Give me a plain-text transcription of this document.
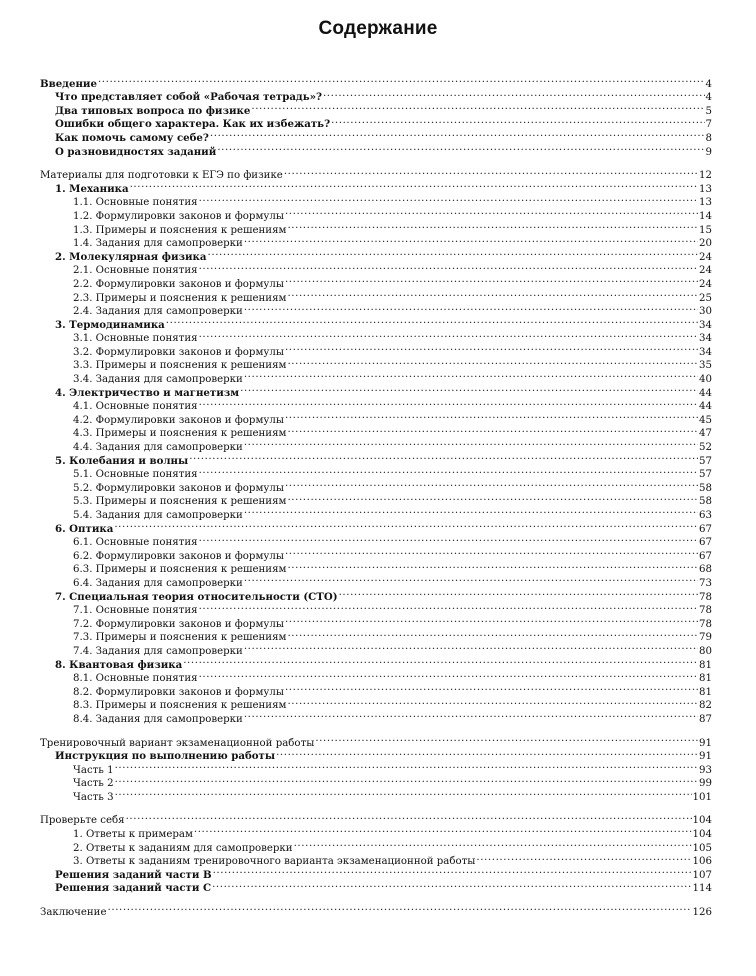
Содержание
Введение .....	4
Что представляет собой «Рабочая тетрадь»? .....	4
Два типовых вопроса по физике .....	5
Ошибки общего характера. Как их избежать? .....	7
Как помочь самому себе? .....	8
О разновидностях заданий .....	9
Материалы для подготовки к ЕГЭ по физике .....	12
1. Механика .....	13
1.1. Основные понятия .....	13
1.2. Формулировки законов и формулы .....	14
1.3. Примеры и пояснения к решениям .....	15
1.4. Задания для самопроверки .....	20
2. Молекулярная физика .....	24
2.1. Основные понятия .....	24
2.2. Формулировки законов и формулы .....	24
2.3. Примеры и пояснения к решениям .....	25
2.4. Задания для самопроверки .....	30
3. Термодинамика .....	34
3.1. Основные понятия .....	34
3.2. Формулировки законов и формулы .....	34
3.3. Примеры и пояснения к решениям .....	35
3.4. Задания для самопроверки .....	40
4. Электричество и магнетизм .....	44
4.1. Основные понятия .....	44
4.2. Формулировки законов и формулы .....	45
4.3. Примеры и пояснения к решениям .....	47
4.4. Задания для самопроверки .....	52
5. Колебания и волны .....	57
5.1. Основные понятия .....	57
5.2. Формулировки законов и формулы .....	58
5.3. Примеры и пояснения к решениям .....	58
5.4. Задания для самопроверки .....	63
6. Оптика .....	67
6.1. Основные понятия .....	67
6.2. Формулировки законов и формулы .....	67
6.3. Примеры и пояснения к решениям .....	68
6.4. Задания для самопроверки .....	73
7. Специальная теория относительности (СТО) .....	78
7.1. Основные понятия .....	78
7.2. Формулировки законов и формулы .....	78
7.3. Примеры и пояснения к решениям .....	79
7.4. Задания для самопроверки .....	80
8. Квантовая физика .....	81
8.1. Основные понятия .....	81
8.2. Формулировки законов и формулы .....	81
8.3. Примеры и пояснения к решениям .....	82
8.4. Задания для самопроверки .....	87
Тренировочный вариант экзаменационной работы .....	91
Инструкция по выполнению работы .....	91
Часть 1 .....	93
Часть 2 .....	99
Часть 3 .....	101
Проверьте себя .....	104
1. Ответы к примерам .....	104
2. Ответы к заданиям для самопроверки .....	105
3. Ответы к заданиям тренировочного варианта экзаменационной работы .....	106
Решения заданий части В .....	107
Решения заданий части С .....	114
Заключение .....	126
